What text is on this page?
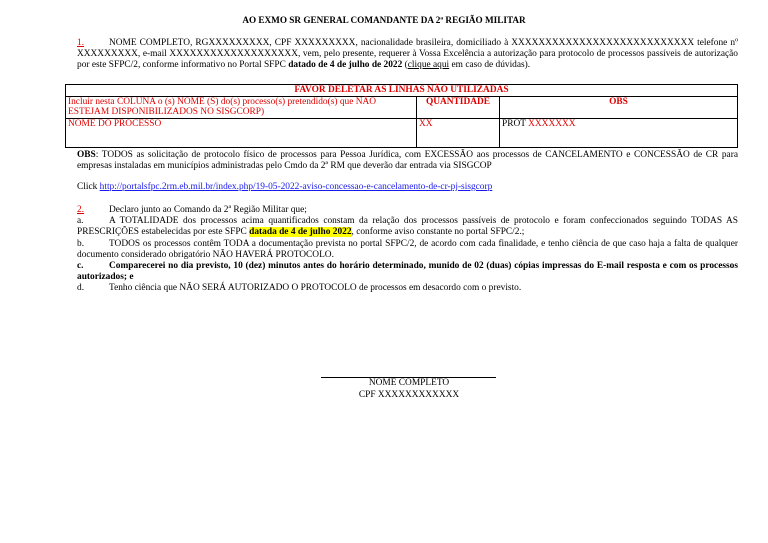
AO EXMO SR GENERAL COMANDANTE DA 2ª REGIÃO MILITAR
1.	NOME COMPLETO, RGXXXXXXXXX, CPF XXXXXXXXX, nacionalidade brasileira, domiciliado à XXXXXXXXXXXXXXXXXXXXXXXXXXX telefone nº XXXXXXXXX, e-mail XXXXXXXXXXXXXXXXXXX, vem, pelo presente, requerer à Vossa Excelência a autorização para protocolo de processos passíveis de autorização por este SFPC/2, conforme informativo no Portal SFPC datado de 4 de julho de 2022 (clique aqui em caso de dúvidas).
FAVOR DELETAR AS LINHAS NÃO UTILIZADAS		
Incluir nesta COLUNA o (s) NOME (S) do(s) processo(s) pretendido(s) que NÃO ESTEJAM DISPONIBILIZADOS NO SISGCORP)	QUANTIDADE	OBS
NOME DO PROCESSO	XX	PROT XXXXXXX
OBS: TODOS as solicitação de protocolo físico de processos para Pessoa Jurídica, com EXCESSÃO aos processos de CANCELAMENTO e CONCESSÃO de CR para empresas instaladas em municípios administradas pelo Cmdo da 2ª RM que deverão dar entrada via SISGCOP
Click http://portalsfpc.2rm.eb.mil.br/index.php/19-05-2022-aviso-concessao-e-cancelamento-de-cr-pj-sisgcorp
2.	Declaro junto ao Comando da 2ª Região Militar que;
a.	A TOTALIDADE dos processos acima quantificados constam da relação dos processos passíveis de protocolo e foram confeccionados seguindo TODAS AS PRESCRIÇÕES estabelecidas por este SFPC datada de 4 de julho 2022, conforme aviso constante no portal SFPC/2.;
b.	TODOS os processos contêm TODA a documentação prevista no portal SFPC/2, de acordo com cada finalidade, e tenho ciência de que caso haja a falta de qualquer documento considerado obrigatório NÃO HAVERÁ PROTOCOLO.
c.	Comparecerei no dia previsto, 10 (dez) minutos antes do horário determinado, munido de 02 (duas) cópias impressas do E-mail resposta e com os processos autorizados; e
d.	Tenho ciência que NÃO SERÁ AUTORIZADO O PROTOCOLO de processos em desacordo com o previsto.
NOME COMPLETO
CPF XXXXXXXXXXXX
